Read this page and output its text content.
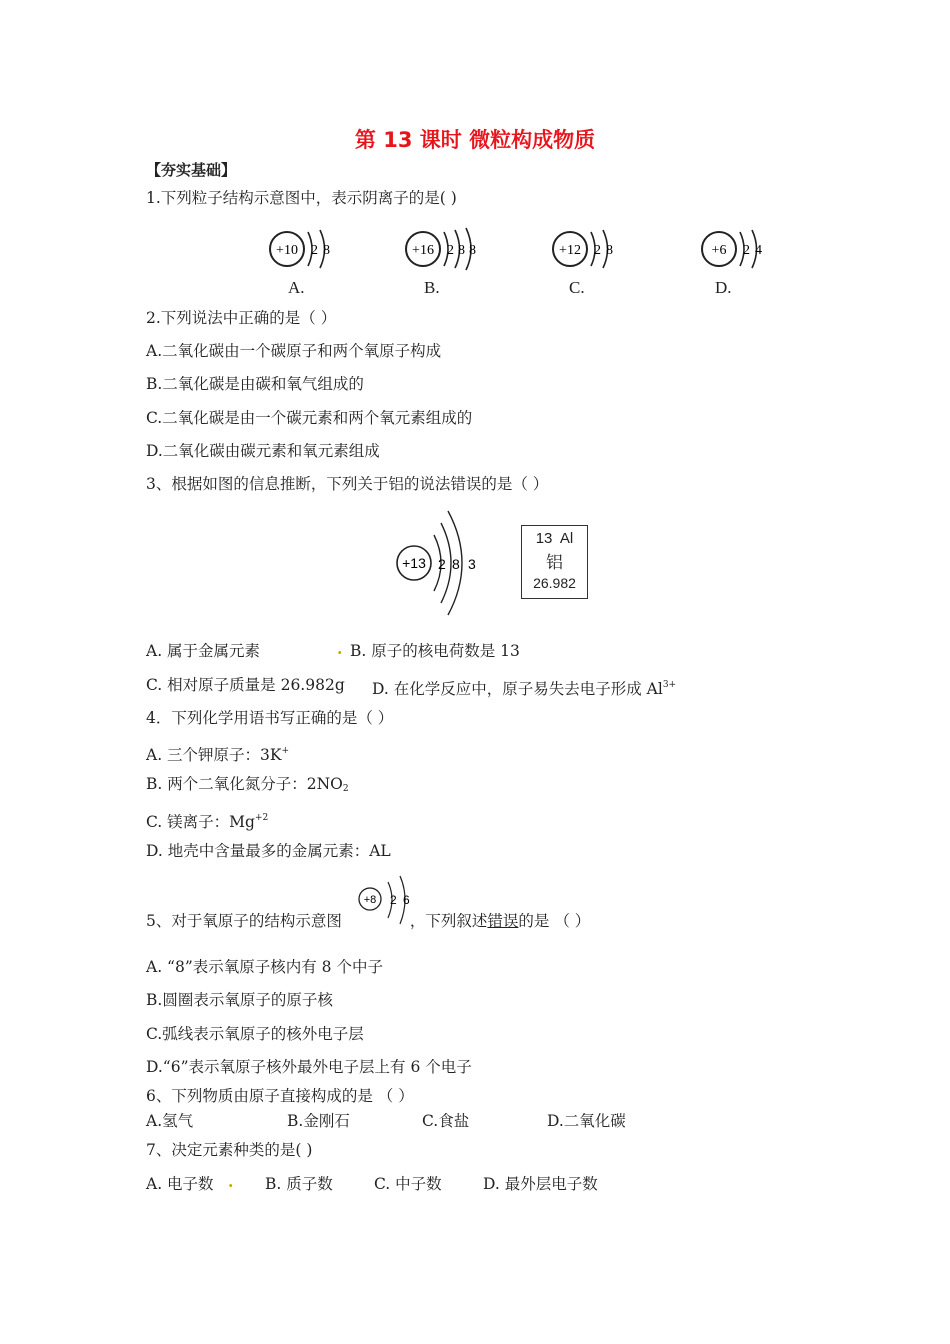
第 13 课时 微粒构成物质
【夯实基础】
1.下列粒子结构示意图中，表示阴离子的是( )
+10 2 8
A.
+16 2 8 8
B.
+12 2 8
C.
+6 2 4
D.
2.下列说法中正确的是（ ）
A.二氧化碳由一个碳原子和两个氧原子构成
B.二氧化碳是由碳和氧气组成的
C.二氧化碳是由一个碳元素和两个氧元素组成的
D.二氧化碳由碳元素和氧元素组成
3、根据如图的信息推断，下列关于铝的说法错误的是（ ）
+13 2 8 3
13 Al
铝
26.982
A. 属于金属元素	. B. 原子的核电荷数是 13
C. 相对原子质量是 26.982g D. 在化学反应中，原子易失去电子形成 $Al^{3+}$
4．下列化学用语书写正确的是（ ）
A. 三个钾原子：3K+
B. 两个二氧化氮分子：$2NO_2$
C. 镁离子：$Mg^{+2}$
D. 地壳中含量最多的金属元素：AL
+8 2 6
5、对于氧原子的结构示意图	，下列叙述错误的是 （ ）
A. “8”表示氧原子核内有 8 个中子
B.圆圈表示氧原子的原子核
C.弧线表示氧原子的核外电子层
D.“6”表示氧原子核外最外电子层上有 6 个电子
6、下列物质由原子直接构成的是 （ ）
A.氢气	B.金刚石	C.食盐	D.二氧化碳
7、决定元素种类的是( )
A. 电子数 . B. 质子数	C. 中子数	D. 最外层电子数
